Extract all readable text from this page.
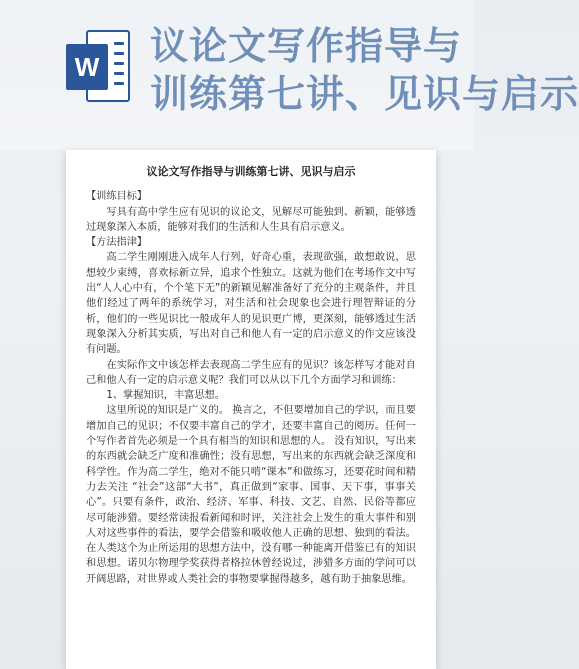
W 议论文写作指导与
训练第七讲、见识与启示
议论文写作指导与训练第七讲、见识与启示

【训练目标】

写具有高中学生应有见识的议论文，见解尽可能独到、新颖，能够透过现象深入本质，能够对我们的生活和人生具有启示意义。

【方法指津】

高二学生刚刚进入成年人行列，好奇心重，表现欲强，敢想敢说，思想较少束缚，喜欢标新立异，追求个性独立。这就为他们在考场作文中写出“人人心中有，个个笔下无”的新颖见解准备好了充分的主观条件，并且他们经过了两年的系统学习，对生活和社会现象也会进行理智辩证的分析，他们的一些见识比一般成年人的见识更广博，更深刻，能够透过生活现象深入分析其实质，写出对自己和他人有一定的启示意义的作文应该没有问题。

在实际作文中该怎样去表现高二学生应有的见识？该怎样写才能对自己和他人有一定的启示意义呢？我们可以从以下几个方面学习和训练：

1、掌握知识，丰富思想。

这里所说的知识是广义的。 换言之，不但要增加自己的学识，而且要增加自己的见识；不仅要丰富自己的学才，还要丰富自己的阅历。任何一个写作者首先必须是一个具有相当的知识和思想的人。 没有知识，写出来的东西就会缺乏广度和准确性；没有思想，写出来的东西就会缺乏深度和科学性。作为高二学生，绝对不能只啃“课本”和做练习，还要花时间和精力去关注 “社会”这部“大书”，真正做到“家事、国事、天下事，事事关心”。只要有条件，政治、经济、军事、科技、文艺、自然、民俗等都应尽可能涉猎。要经常读报看新闻和时评，关注社会上发生的重大事件和别人对这些事件的看法，要学会借鉴和吸收他人正确的思想、独到的看法。在人类这个为止所运用的思想方法中，没有哪一种能离开借鉴已有的知识和思想。诺贝尔物理学奖获得者格拉休曾经说过，涉猎多方面的学问可以开阔思路，对世界或人类社会的事物要掌握得越多，越有助于抽象思维。
